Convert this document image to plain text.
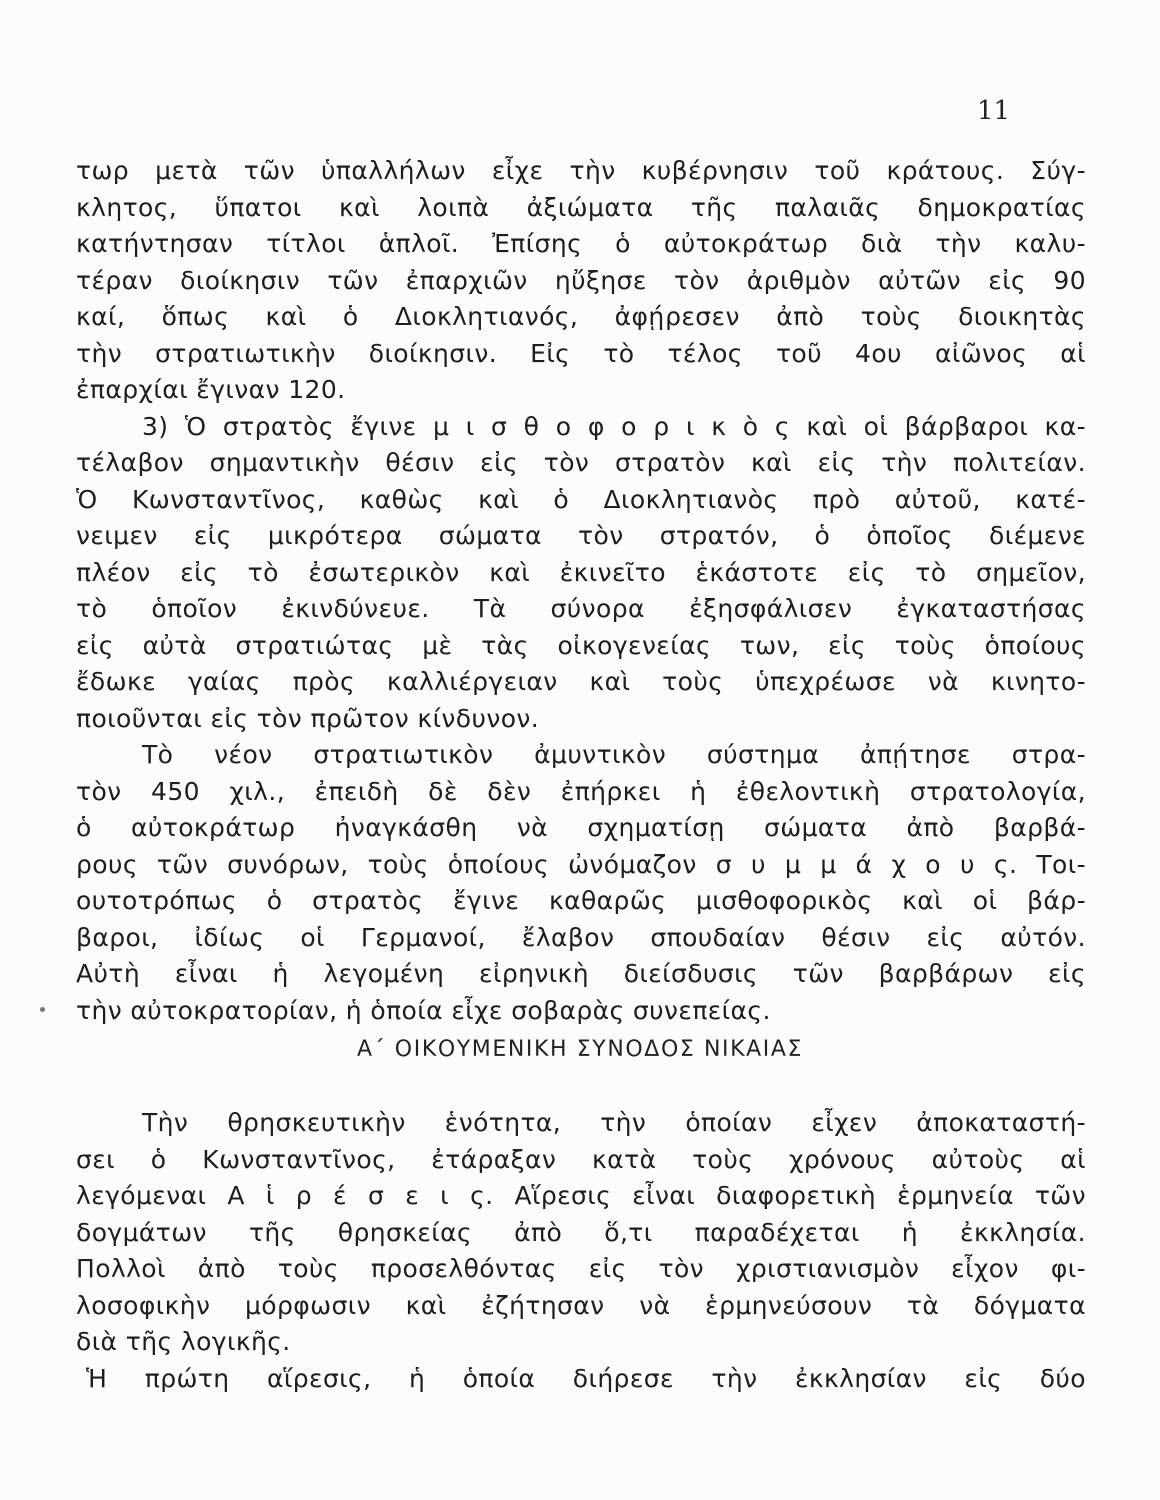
11
τωρ μετὰ τῶν ὑπαλλήλων εἶχε τὴν κυβέρνησιν τοῦ κράτους. Σύγ-
κλητος, ὕπατοι καὶ λοιπὰ ἀξιώματα τῆς παλαιᾶς δημοκρατίας
κατήντησαν τίτλοι ἁπλοῖ. Ἐπίσης ὁ αὐτοκράτωρ διὰ τὴν καλυ-
τέραν διοίκησιν τῶν ἐπαρχιῶν ηὔξησε τὸν ἀριθμὸν αὐτῶν εἰς 90
καί, ὅπως καὶ ὁ Διοκλητιανός, ἀφῄρεσεν ἀπὸ τοὺς διοικητὰς
τὴν στρατιωτικὴν διοίκησιν. Εἰς τὸ τέλος τοῦ 4ου αἰῶνος αἱ
ἐπαρχίαι ἔγιναν 120.
3) Ὁ στρατὸς ἔγινε μ ι σ θ ο φ ο ρ ι κ ὸ ς καὶ οἱ βάρβαροι κα-
τέλαβον σημαντικὴν θέσιν εἰς τὸν στρατὸν καὶ εἰς τὴν πολιτείαν.
Ὁ Κωνσταντῖνος, καθὼς καὶ ὁ Διοκλητιανὸς πρὸ αὐτοῦ, κατέ-
νειμεν εἰς μικρότερα σώματα τὸν στρατόν, ὁ ὁποῖος διέμενε
πλέον εἰς τὸ ἐσωτερικὸν καὶ ἐκινεῖτο ἑκάστοτε εἰς τὸ σημεῖον,
τὸ ὁποῖον ἐκινδύνευε. Τὰ σύνορα ἐξησφάλισεν ἐγκαταστήσας
εἰς αὐτὰ στρατιώτας μὲ τὰς οἰκογενείας των, εἰς τοὺς ὁποίους
ἔδωκε γαίας πρὸς καλλιέργειαν καὶ τοὺς ὑπεχρέωσε νὰ κινητο-
ποιοῦνται εἰς τὸν πρῶτον κίνδυνον.
Τὸ νέον στρατιωτικὸν ἀμυντικὸν σύστημα ἀπῄτησε στρα-
τὸν 450 χιλ., ἐπειδὴ δὲ δὲν ἐπήρκει ἡ ἐθελοντικὴ στρατολογία,
ὁ αὐτοκράτωρ ἠναγκάσθη νὰ σχηματίσῃ σώματα ἀπὸ βαρβά-
ρους τῶν συνόρων, τοὺς ὁποίους ὠνόμαζον σ υ μ μ ά χ ο υ ς. Τοι-
ουτοτρόπως ὁ στρατὸς ἔγινε καθαρῶς μισθοφορικὸς καὶ οἱ βάρ-
βαροι, ἰδίως οἱ Γερμανοί, ἔλαβον σπουδαίαν θέσιν εἰς αὐτόν.
Αὐτὴ εἶναι ἡ λεγομένη εἰρηνικὴ διείσδυσις τῶν βαρβάρων εἰς
τὴν αὐτοκρατορίαν, ἡ ὁποία εἶχε σοβαρὰς συνεπείας.
Α΄ ΟΙΚΟΥΜΕΝΙΚΗ ΣΥΝΟΔΟΣ ΝΙΚΑΙΑΣ
Τὴν θρησκευτικὴν ἑνότητα, τὴν ὁποίαν εἶχεν ἀποκαταστή-
σει ὁ Κωνσταντῖνος, ἐτάραξαν κατὰ τοὺς χρόνους αὐτοὺς αἱ
λεγόμεναι Α ἱ ρ έ σ ε ι ς. Αἵρεσις εἶναι διαφορετικὴ ἑρμηνεία τῶν
δογμάτων τῆς θρησκείας ἀπὸ ὅ,τι παραδέχεται ἡ ἐκκλησία.
Πολλοὶ ἀπὸ τοὺς προσελθόντας εἰς τὸν χριστιανισμὸν εἶχον φι-
λοσοφικὴν μόρφωσιν καὶ ἐζήτησαν νὰ ἑρμηνεύσουν τὰ δόγματα
διὰ τῆς λογικῆς.
Ἡ πρώτη αἵρεσις, ἡ ὁποία διήρεσε τὴν ἐκκλησίαν εἰς δύο
